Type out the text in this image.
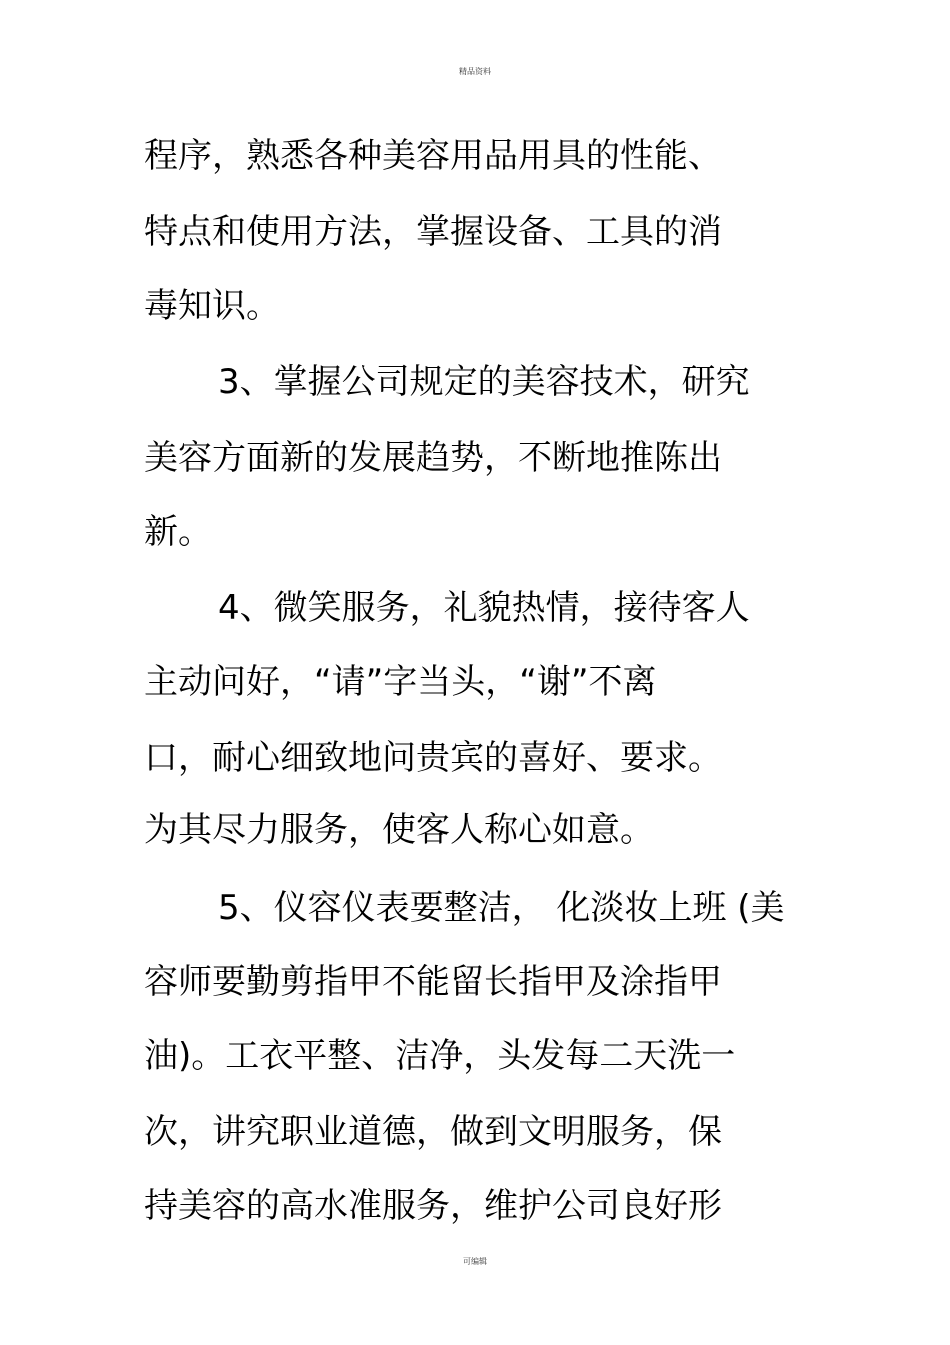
精品资料
程序，熟悉各种美容用品用具的性能、
特点和使用方法，掌握设备、工具的消
毒知识。
3、掌握公司规定的美容技术，研究
美容方面新的发展趋势，不断地推陈出
新。
4、微笑服务，礼貌热情，接待客人
主动问好，“请”字当头，“谢”不离
口，耐心细致地问贵宾的喜好、要求。
为其尽力服务，使客人称心如意。
5、仪容仪表要整洁， 化淡妆上班 (美
容师要勤剪指甲不能留长指甲及涂指甲
油)。工衣平整、洁净，头发每二天洗一
次，讲究职业道德，做到文明服务，保
持美容的高水准服务，维护公司良好形
可编辑
